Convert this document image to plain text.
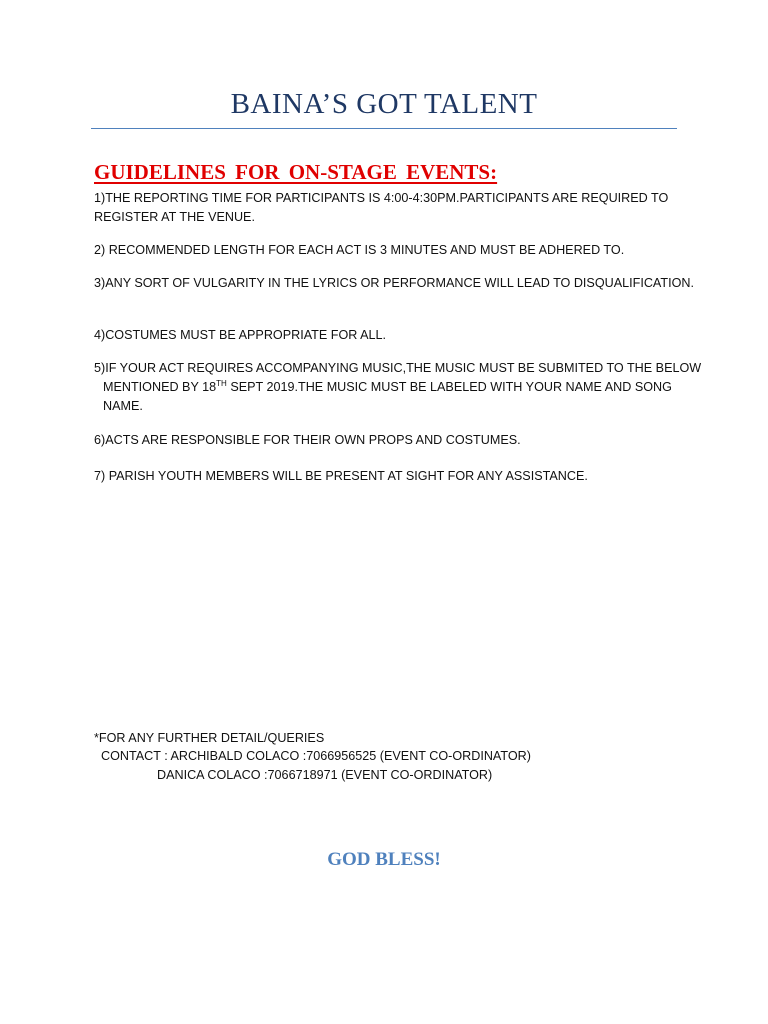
BAINA’S GOT TALENT
GUIDELINES FOR ON-STAGE EVENTS:

1)THE REPORTING TIME FOR PARTICIPANTS IS 4:00-4:30PM.PARTICIPANTS ARE REQUIRED TO REGISTER AT THE VENUE.

2) RECOMMENDED LENGTH FOR EACH ACT IS 3 MINUTES AND MUST BE ADHERED TO.

3)ANY SORT OF VULGARITY IN THE LYRICS OR PERFORMANCE WILL LEAD TO DISQUALIFICATION.

4)COSTUMES MUST BE APPROPRIATE FOR ALL.

5)IF YOUR ACT REQUIRES ACCOMPANYING MUSIC,THE MUSIC MUST BE SUBMITED TO THE BELOW MENTIONED BY 18TH SEPT 2019.THE MUSIC MUST BE LABELED WITH YOUR NAME AND SONG NAME.

6)ACTS ARE RESPONSIBLE FOR THEIR OWN PROPS AND COSTUMES.

7) PARISH YOUTH MEMBERS WILL BE PRESENT AT SIGHT FOR ANY ASSISTANCE.

*FOR ANY FURTHER DETAIL/QUERIES

CONTACT : ARCHIBALD COLACO :7066956525 (EVENT CO-ORDINATOR)

DANICA COLACO :7066718971 (EVENT CO-ORDINATOR)

GOD BLESS!
